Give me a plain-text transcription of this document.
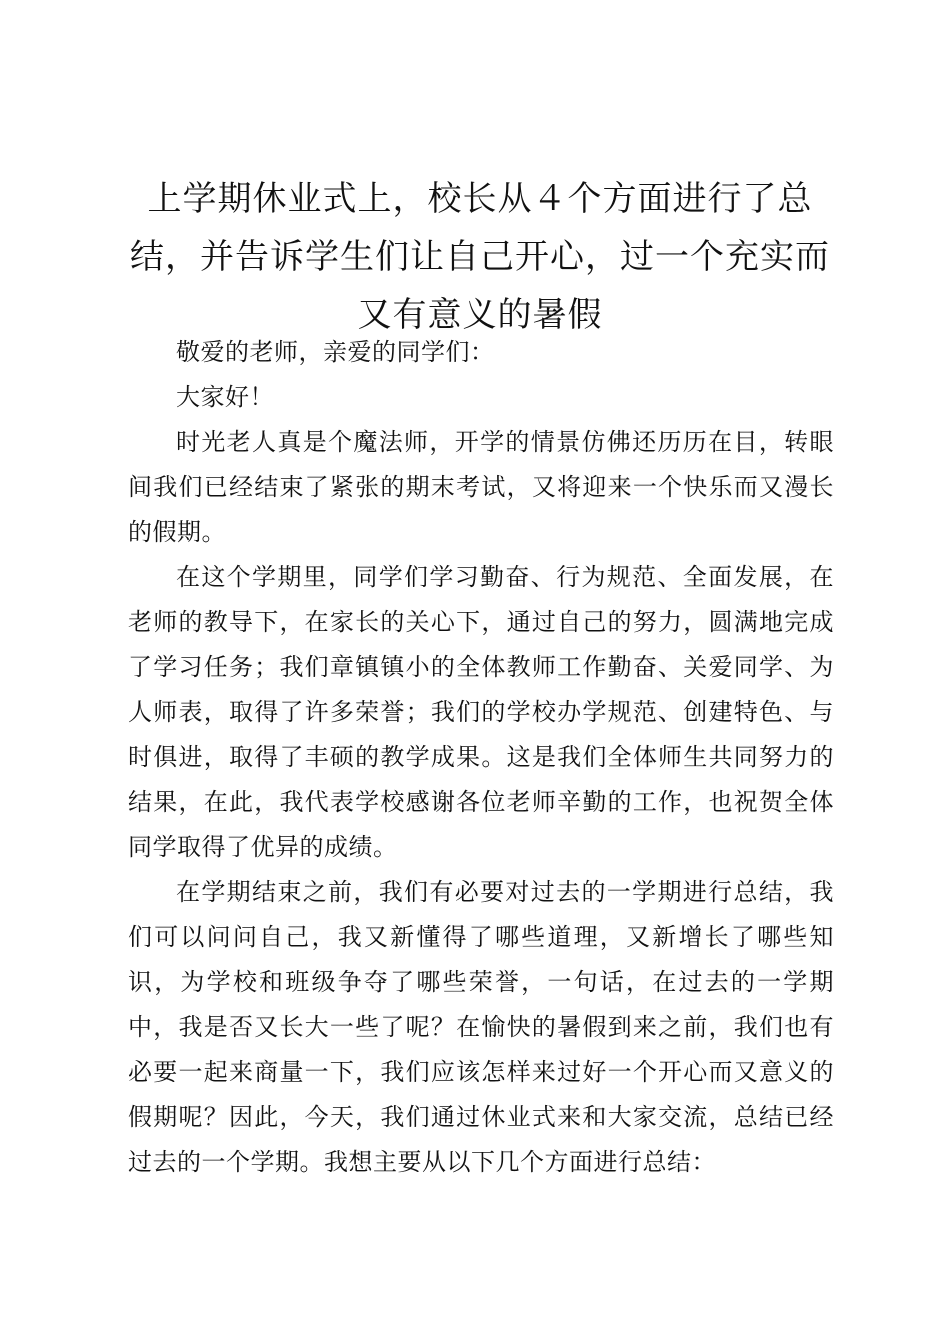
上学期休业式上，校长从４个方面进行了总结，并告诉学生们让自己开心，过一个充实而又有意义的暑假

敬爱的老师，亲爱的同学们：

大家好！

时光老人真是个魔法师，开学的情景仿佛还历历在目，转眼间我们已经结束了紧张的期末考试，又将迎来一个快乐而又漫长的假期。

在这个学期里，同学们学习勤奋、行为规范、全面发展，在老师的教导下，在家长的关心下，通过自己的努力，圆满地完成了学习任务；我们章镇镇小的全体教师工作勤奋、关爱同学、为人师表，取得了许多荣誉；我们的学校办学规范、创建特色、与时俱进，取得了丰硕的教学成果。这是我们全体师生共同努力的结果，在此，我代表学校感谢各位老师辛勤的工作，也祝贺全体同学取得了优异的成绩。

在学期结束之前，我们有必要对过去的一学期进行总结，我们可以问问自己，我又新懂得了哪些道理，又新增长了哪些知识，为学校和班级争夺了哪些荣誉，一句话，在过去的一学期中，我是否又长大一些了呢？在愉快的暑假到来之前，我们也有必要一起来商量一下，我们应该怎样来过好一个开心而又意义的假期呢？因此，今天，我们通过休业式来和大家交流，总结已经过去的一个学期。我想主要从以下几个方面进行总结：
